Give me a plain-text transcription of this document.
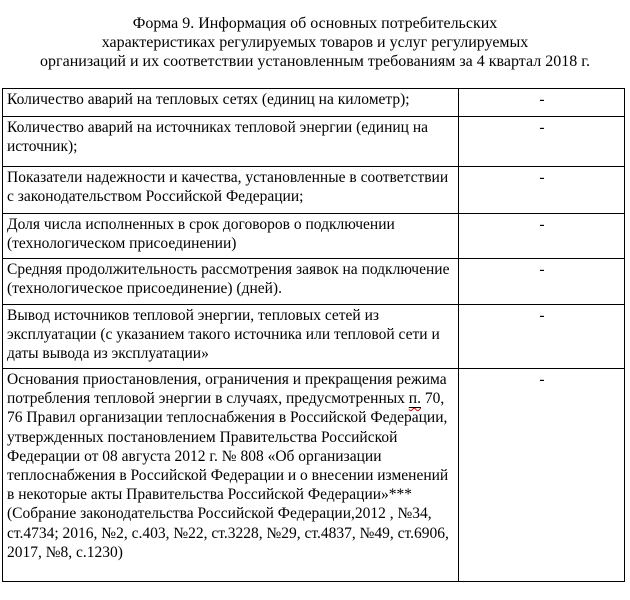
Форма 9. Информация об основных потребительских
характеристиках регулируемых товаров и услуг регулируемых
организаций и их соответствии установленным требованиям за 4 квартал 2018 г.
Количество аварий на тепловых сетях (единиц на километр);	-
Количество аварий на источниках тепловой энергии (единиц на источник);	-
Показатели надежности и качества, установленные в соответствии с законодательством Российской Федерации;	-
Доля числа исполненных в срок договоров о подключении (технологическом присоединении)	-
Средняя продолжительность рассмотрения заявок на подключение (технологическое присоединение) (дней).	-
Вывод источников тепловой энергии, тепловых сетей из эксплуатации (с указанием такого источника или тепловой сети и даты вывода из эксплуатации»	-
Основания приостановления, ограничения и прекращения режима потребления тепловой энергии в случаях, предусмотренных п. 70, 76 Правил организации теплоснабжения в Российской Федерации, утвержденных постановлением Правительства Российской Федерации от 08 августа 2012 г. № 808 «Об организации теплоснабжения в Российской Федерации и о внесении изменений в некоторые акты Правительства Российской Федерации»*** (Собрание законодательства Российской Федерации,2012 , №34, ст.4734; 2016, №2, с.403, №22, ст.3228, №29, ст.4837, №49, ст.6906, 2017, №8, с.1230)	-
